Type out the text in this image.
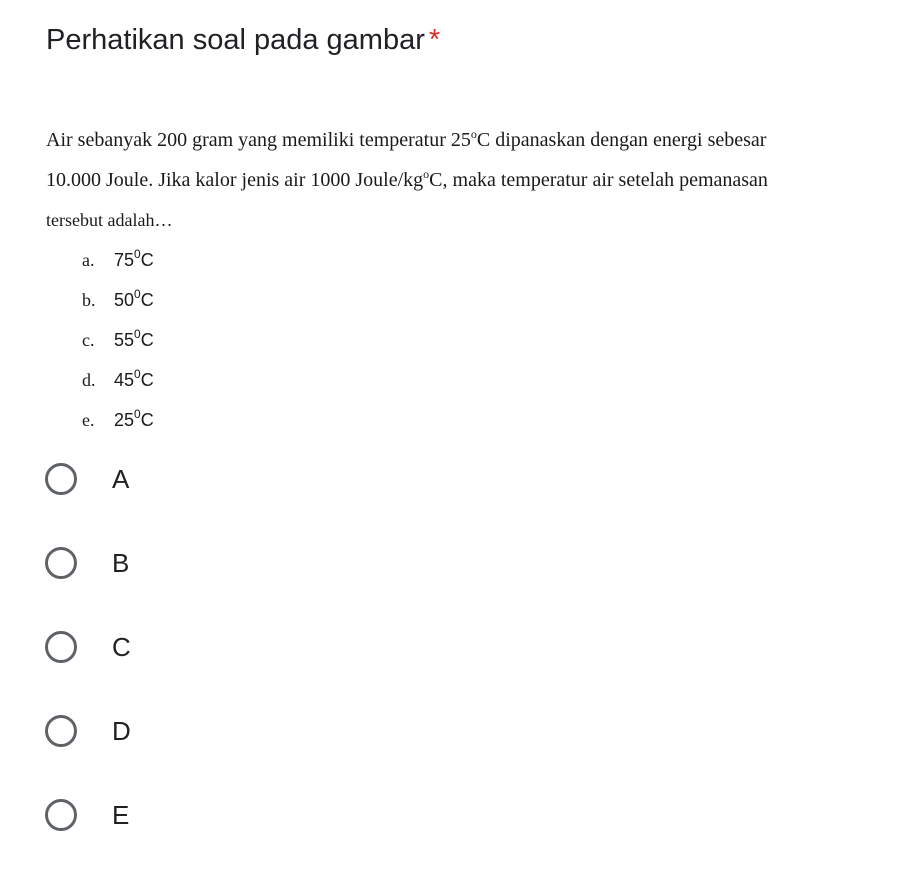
Perhatikan soal pada gambar *
Air sebanyak 200 gram yang memiliki temperatur 25$^o$C dipanaskan dengan energi sebesar
10.000 Joule. Jika kalor jenis air 1000 Joule/$kg^oC$, maka temperatur air setelah pemanasan
tersebut adalah…
a. $75^0C$
b. $50^0C$
c. $55^0C$
d. $45^0C$
e. $25^0C$
A
B
C
D
E
